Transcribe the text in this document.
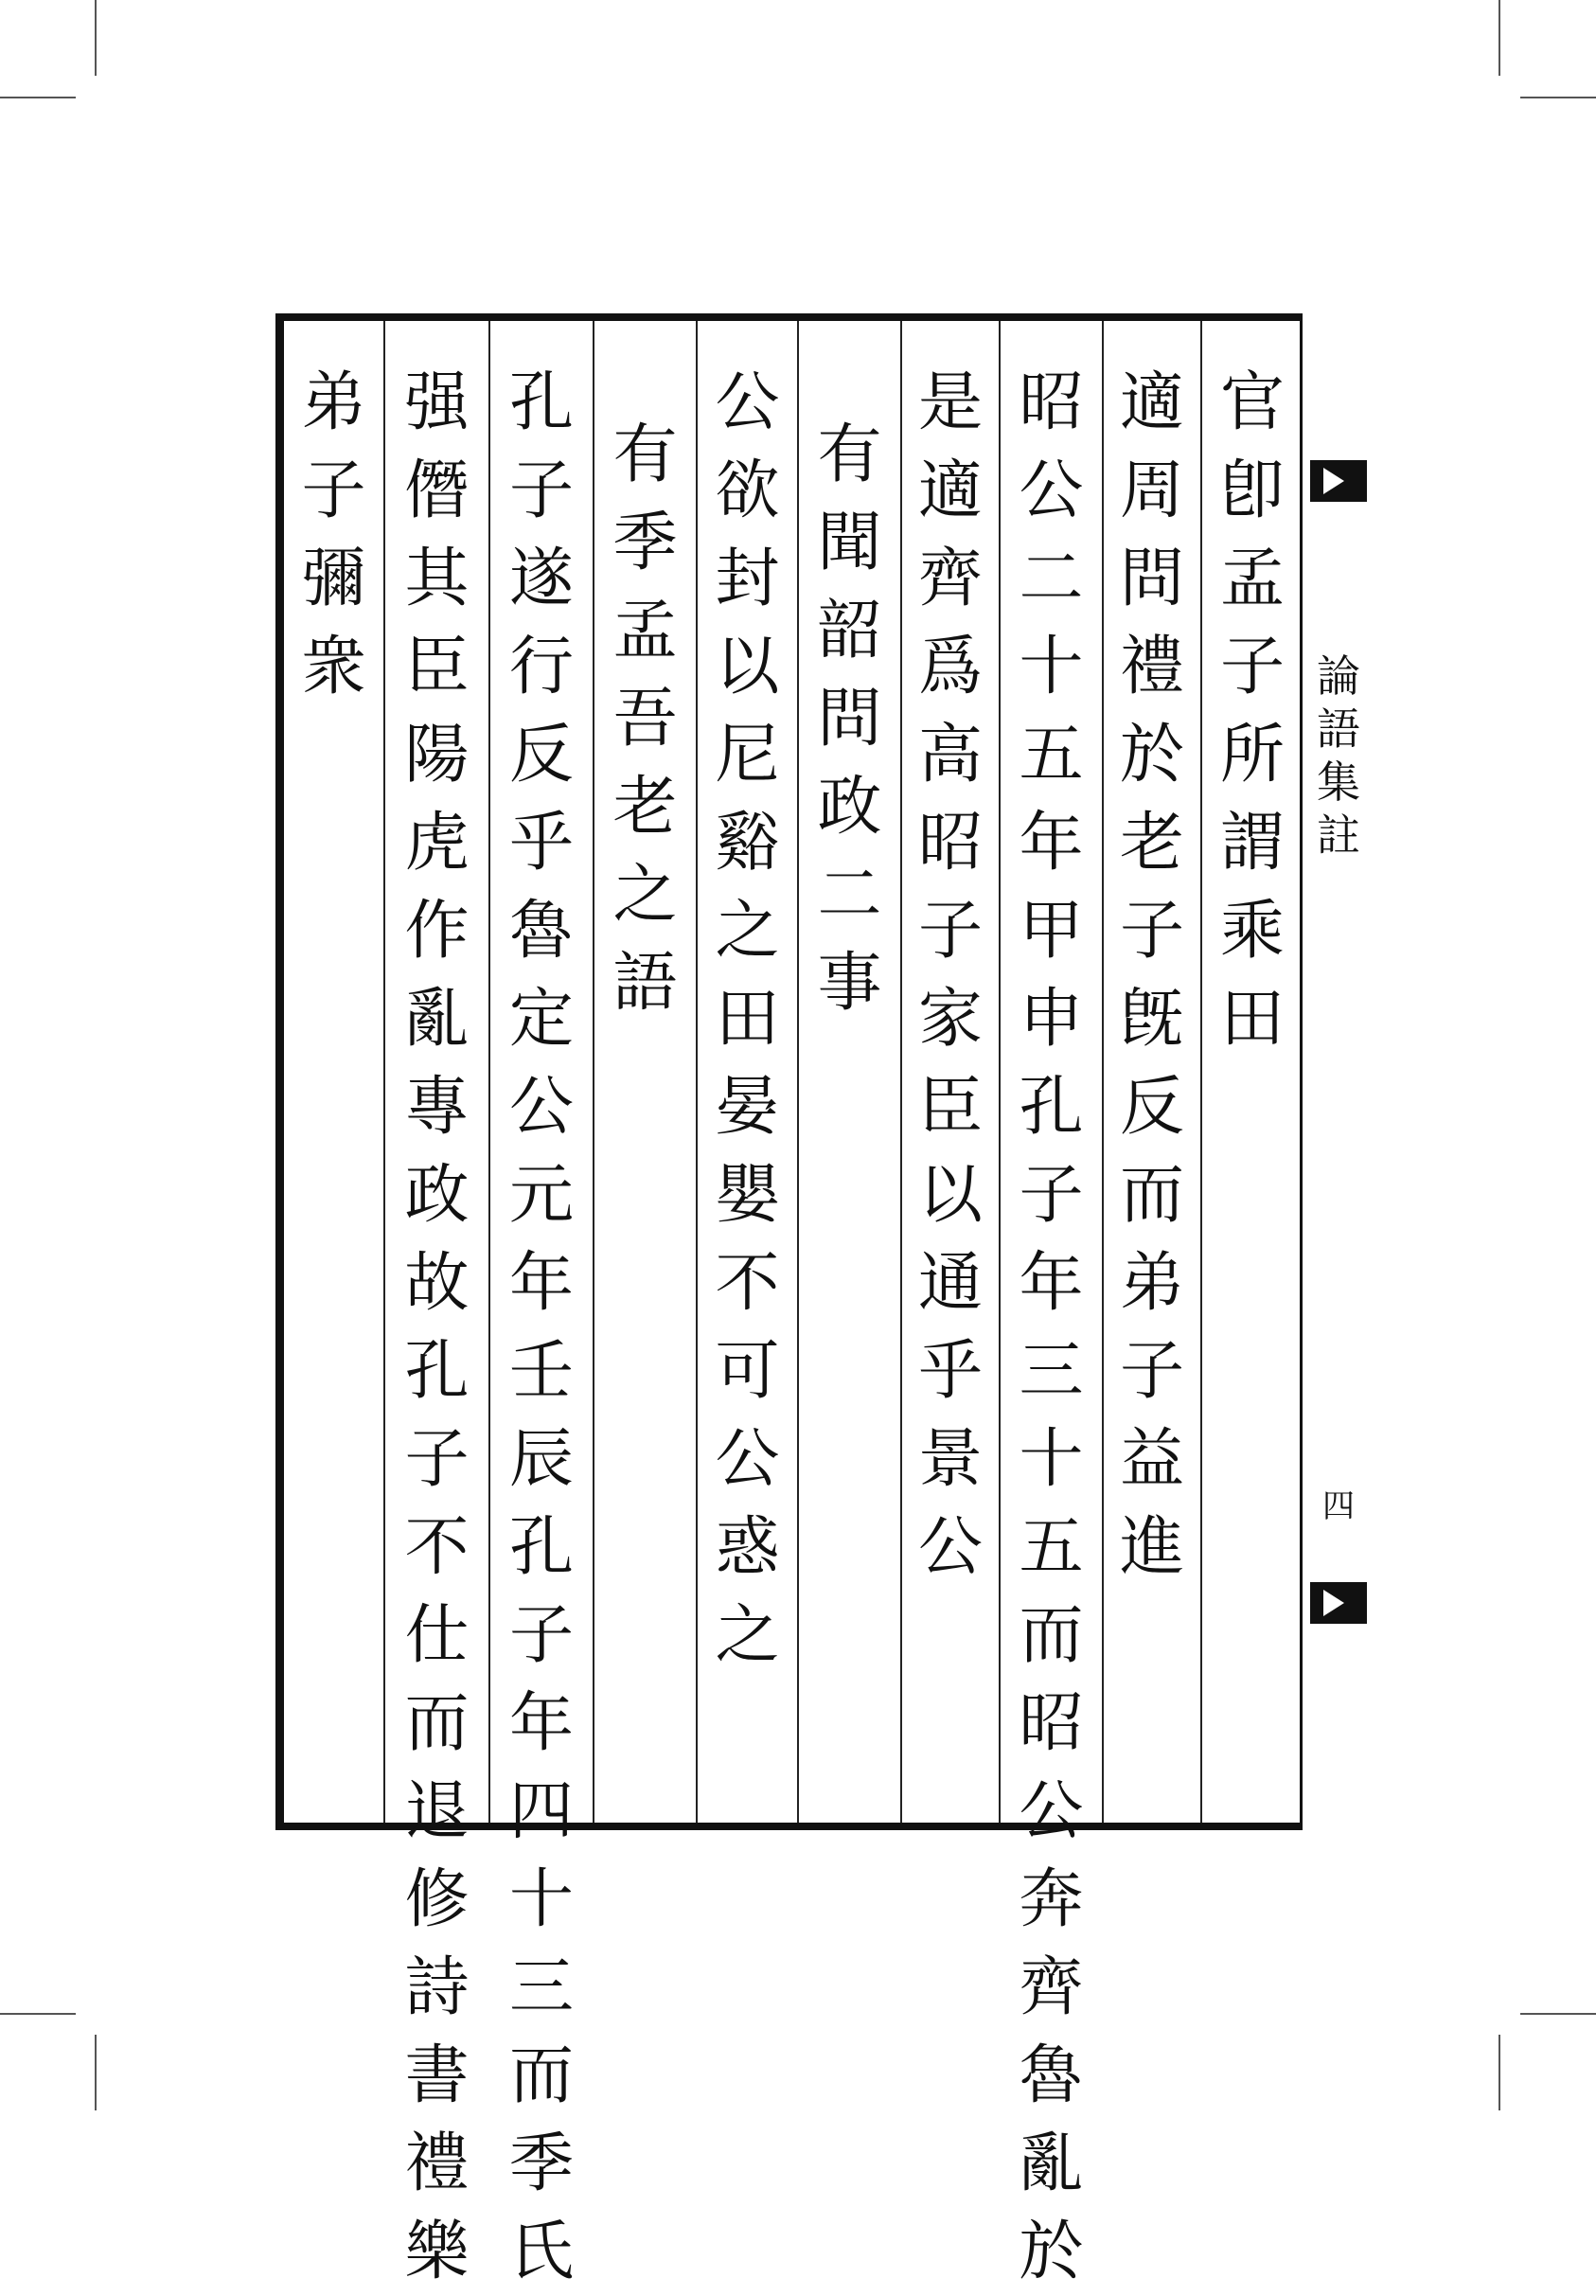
官卽孟子所謂乘田
適周問禮於老子旣反而弟子益進
昭公二十五年甲申孔子年三十五而昭公奔齊魯亂於
是適齊爲高昭子家臣以通乎景公
有聞韶問政二事
公欲封以尼谿之田晏嬰不可公惑之
有季孟吾老之語
孔子遂行反乎魯定公元年壬辰孔子年四十三而季氏
强僭其臣陽虎作亂專政故孔子不仕而退修詩書禮樂
弟子彌衆	論語集註
四
